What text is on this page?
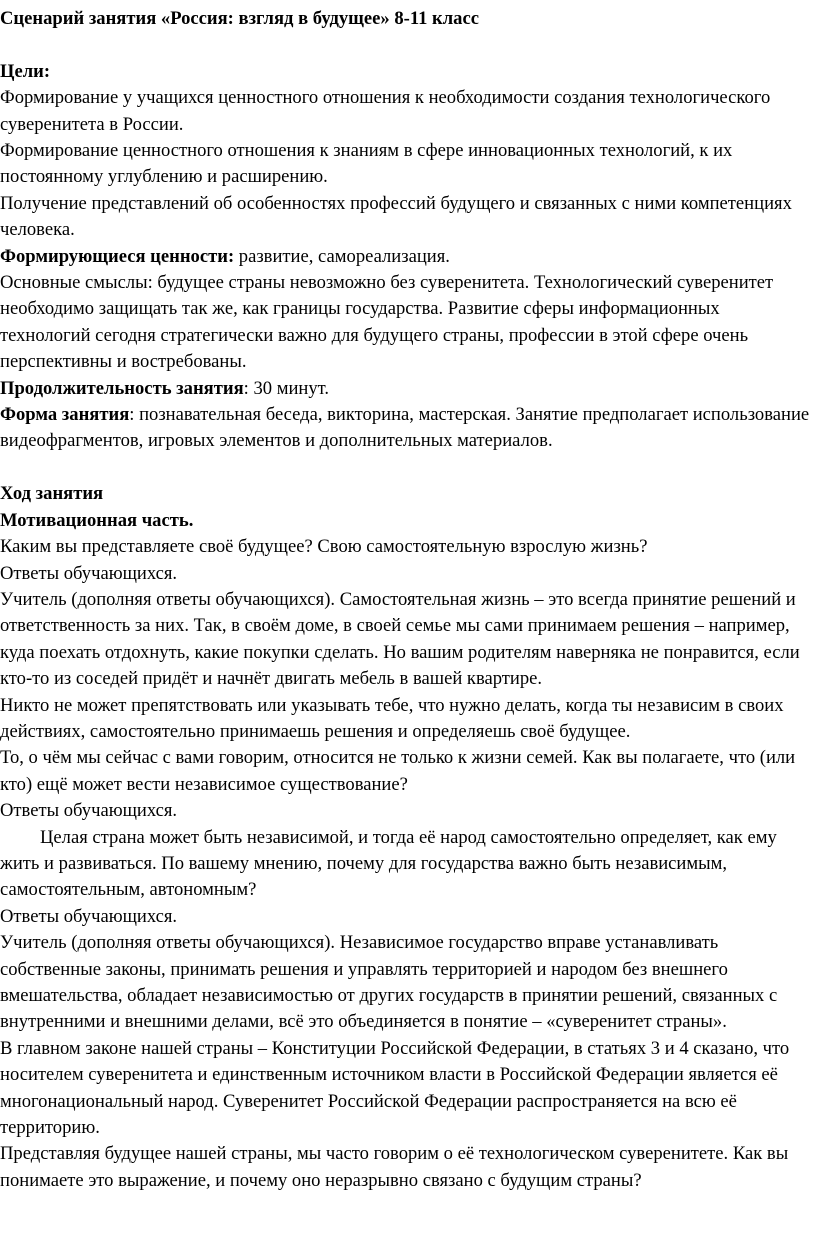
Сценарий занятия «Россия: взгляд в будущее» 8-11 класс

Цели:

Формирование у учащихся ценностного отношения к необходимости создания технологического суверенитета в России.

Формирование ценностного отношения к знаниям в сфере инновационных технологий, к их постоянному углублению и расширению.

Получение представлений об особенностях профессий будущего и связанных с ними компетенциях человека.

Формирующиеся ценности: развитие, самореализация.

Основные смыслы: будущее страны невозможно без суверенитета. Технологический суверенитет необходимо защищать так же, как границы государства. Развитие сферы информационных технологий сегодня стратегически важно для будущего страны, профессии в этой сфере очень перспективны и востребованы.

Продолжительность занятия: 30 минут.

Форма занятия: познавательная беседа, викторина, мастерская. Занятие предполагает использование видеофрагментов, игровых элементов и дополнительных материалов.

Ход занятия

Мотивационная часть.

Каким вы представляете своё будущее? Свою самостоятельную взрослую жизнь?

Ответы обучающихся.

Учитель (дополняя ответы обучающихся). Самостоятельная жизнь – это всегда принятие решений и ответственность за них. Так, в своём доме, в своей семье мы сами принимаем решения – например, куда поехать отдохнуть, какие покупки сделать. Но вашим родителям наверняка не понравится, если кто-то из соседей придёт и начнёт двигать мебель в вашей квартире.

Никто не может препятствовать или указывать тебе, что нужно делать, когда ты независим в своих действиях, самостоятельно принимаешь решения и определяешь своё будущее.

То, о чём мы сейчас с вами говорим, относится не только к жизни семей. Как вы полагаете, что (или кто) ещё может вести независимое существование?

Ответы обучающихся.

Целая страна может быть независимой, и тогда её народ самостоятельно определяет, как ему жить и развиваться. По вашему мнению, почему для государства важно быть независимым, самостоятельным, автономным?

Ответы обучающихся.

Учитель (дополняя ответы обучающихся). Независимое государство вправе устанавливать собственные законы, принимать решения и управлять территорией и народом без внешнего вмешательства, обладает независимостью от других государств в принятии решений, связанных с внутренними и внешними делами, всё это объединяется в понятие – «суверенитет страны».

В главном законе нашей страны – Конституции Российской Федерации, в статьях 3 и 4 сказано, что носителем суверенитета и единственным источником власти в Российской Федерации является её многонациональный народ. Суверенитет Российской Федерации распространяется на всю её территорию.

Представляя будущее нашей страны, мы часто говорим о её технологическом суверенитете. Как вы понимаете это выражение, и почему оно неразрывно связано с будущим страны?
